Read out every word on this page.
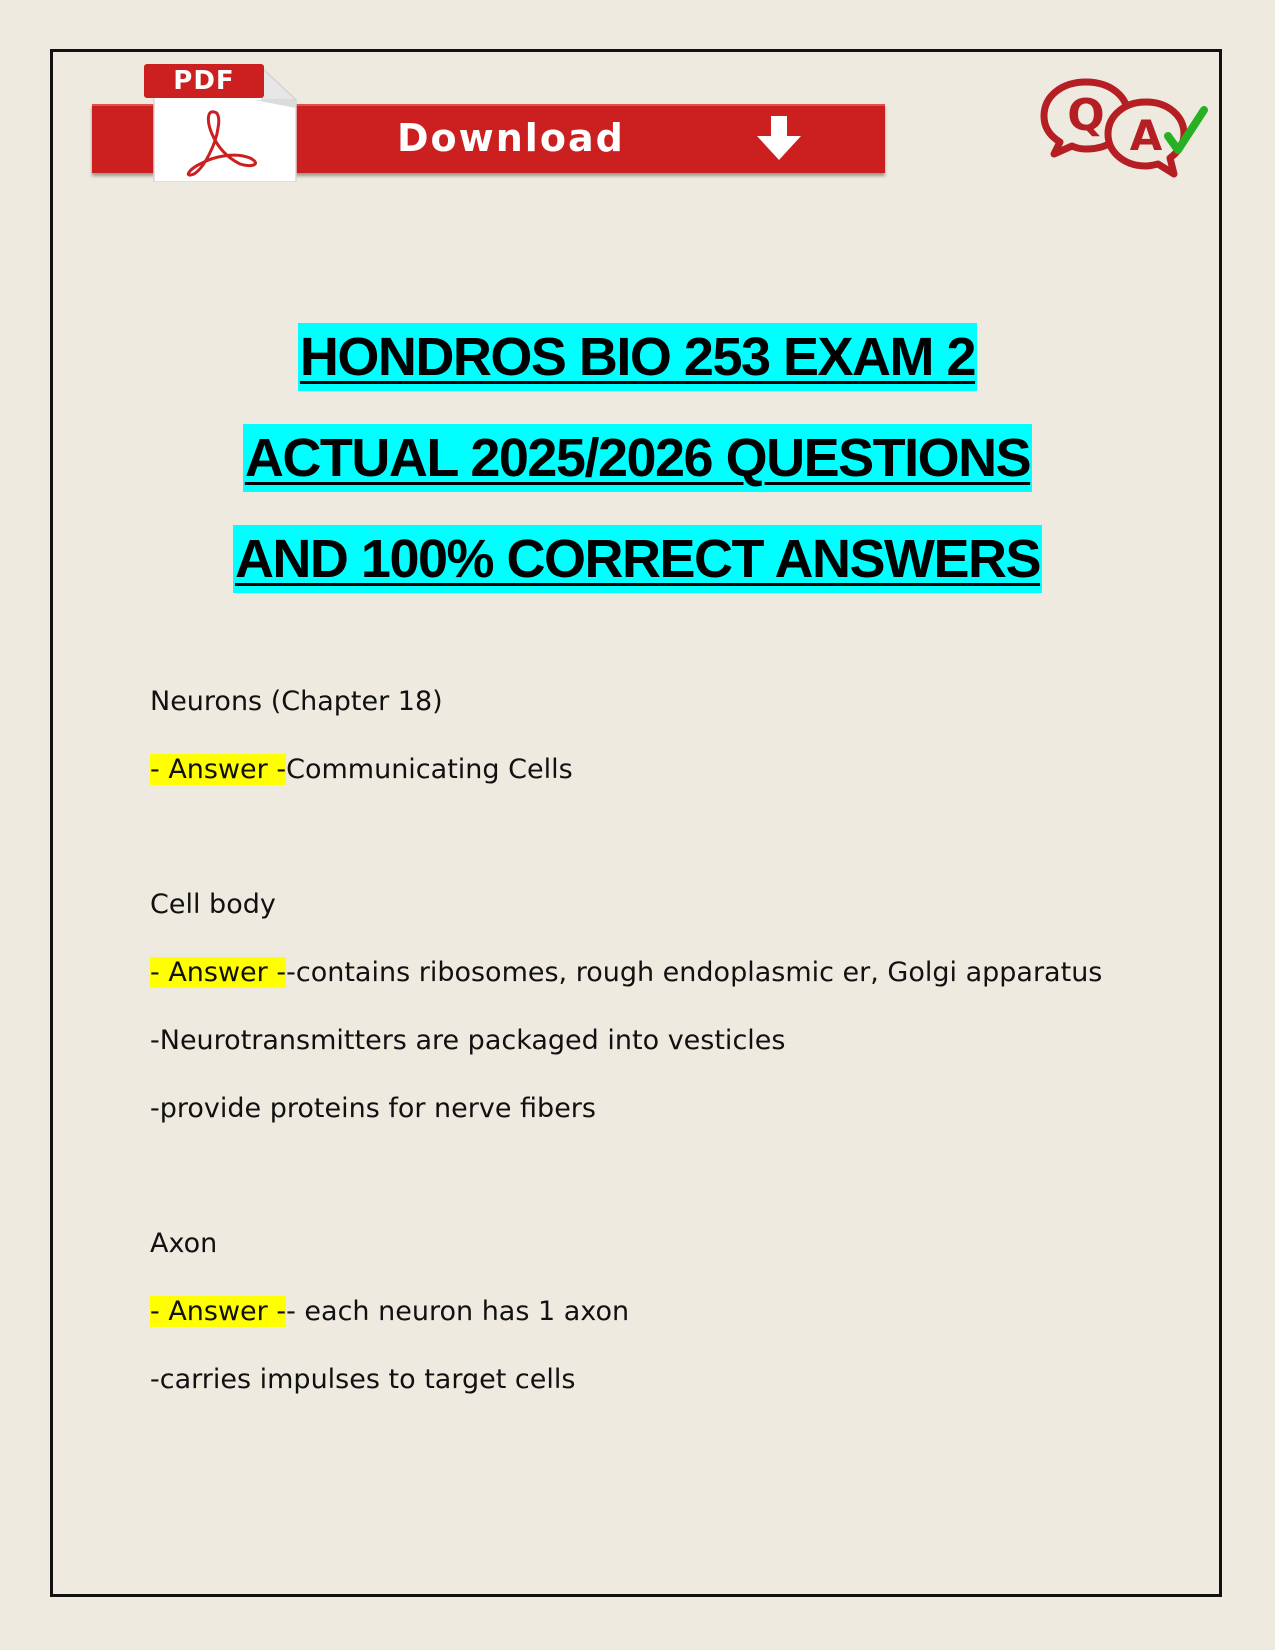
Download
PDF
Q A
HONDROS BIO 253 EXAM 2
ACTUAL 2025/2026 QUESTIONS
AND 100% CORRECT ANSWERS
Neurons (Chapter 18)
- Answer -Communicating Cells
Cell body
- Answer --contains ribosomes, rough endoplasmic er, Golgi apparatus
-Neurotransmitters are packaged into vesticles
-provide proteins for nerve fibers
Axon
- Answer -- each neuron has 1 axon
-carries impulses to target cells
